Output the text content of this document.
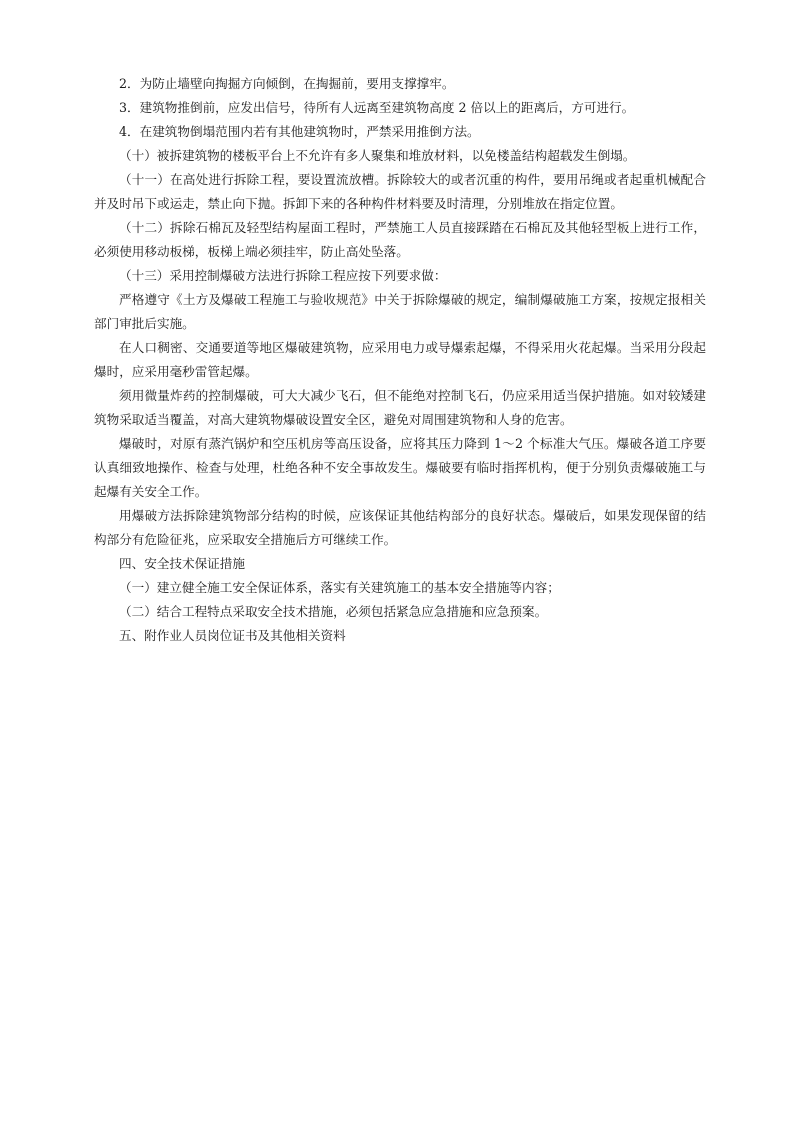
2．为防止墙壁向掏掘方向倾倒，在掏掘前，要用支撑撑牢。

3．建筑物推倒前，应发出信号，待所有人远离至建筑物高度 2 倍以上的距离后，方可进行。

4．在建筑物倒塌范围内若有其他建筑物时，严禁采用推倒方法。

（十）被拆建筑物的楼板平台上不允许有多人聚集和堆放材料，以免楼盖结构超载发生倒塌。

（十一）在高处进行拆除工程，要设置流放槽。拆除较大的或者沉重的构件，要用吊绳或者起重机械配合并及时吊下或运走，禁止向下抛。拆卸下来的各种构件材料要及时清理，分别堆放在指定位置。

（十二）拆除石棉瓦及轻型结构屋面工程时，严禁施工人员直接踩踏在石棉瓦及其他轻型板上进行工作，必须使用移动板梯，板梯上端必须挂牢，防止高处坠落。

（十三）采用控制爆破方法进行拆除工程应按下列要求做：

严格遵守《土方及爆破工程施工与验收规范》中关于拆除爆破的规定，编制爆破施工方案，按规定报相关部门审批后实施。

在人口稠密、交通要道等地区爆破建筑物，应采用电力或导爆索起爆，不得采用火花起爆。当采用分段起爆时，应采用毫秒雷管起爆。

须用微量炸药的控制爆破，可大大减少飞石，但不能绝对控制飞石，仍应采用适当保护措施。如对较矮建筑物采取适当覆盖，对高大建筑物爆破设置安全区，避免对周围建筑物和人身的危害。

爆破时，对原有蒸汽锅炉和空压机房等高压设备，应将其压力降到 1～2 个标准大气压。爆破各道工序要认真细致地操作、检查与处理，杜绝各种不安全事故发生。爆破要有临时指挥机构，便于分别负责爆破施工与起爆有关安全工作。

用爆破方法拆除建筑物部分结构的时候，应该保证其他结构部分的良好状态。爆破后，如果发现保留的结构部分有危险征兆，应采取安全措施后方可继续工作。

四、安全技术保证措施

（一）建立健全施工安全保证体系，落实有关建筑施工的基本安全措施等内容；

（二）结合工程特点采取安全技术措施，必须包括紧急应急措施和应急预案。

五、附作业人员岗位证书及其他相关资料
